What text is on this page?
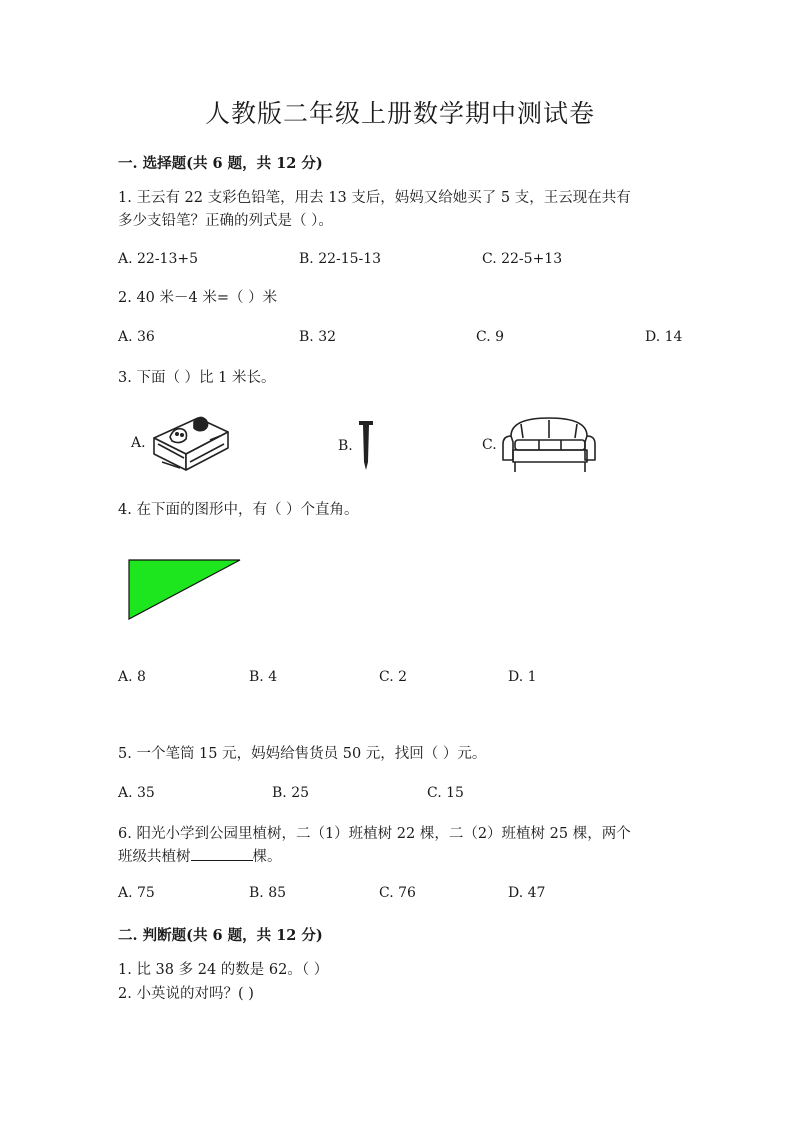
人教版二年级上册数学期中测试卷
一. 选择题(共 6 题，共 12 分)
1. 王云有 22 支彩色铅笔，用去 13 支后，妈妈又给她买了 5 支，王云现在共有
多少支铅笔？正确的列式是（ ）。
A. 22-13+5	B. 22-15-13	C. 22-5+13
2. 40 米－4 米=（ ）米
A. 36	B. 32	C. 9	D. 14
3. 下面（ ）比 1 米长。
A.	B.	C.
4. 在下面的图形中，有（ ）个直角。
A. 8	B. 4	C. 2	D. 1
5. 一个笔筒 15 元，妈妈给售货员 50 元，找回（ ）元。
A. 35	B. 25	C. 15
6. 阳光小学到公园里植树，二（1）班植树 22 棵，二（2）班植树 25 棵，两个
班级共植树	棵。
A. 75	B. 85	C. 76	D. 47
二. 判断题(共 6 题，共 12 分)
1. 比 38 多 24 的数是 62。（ ）
2. 小英说的对吗？( )
